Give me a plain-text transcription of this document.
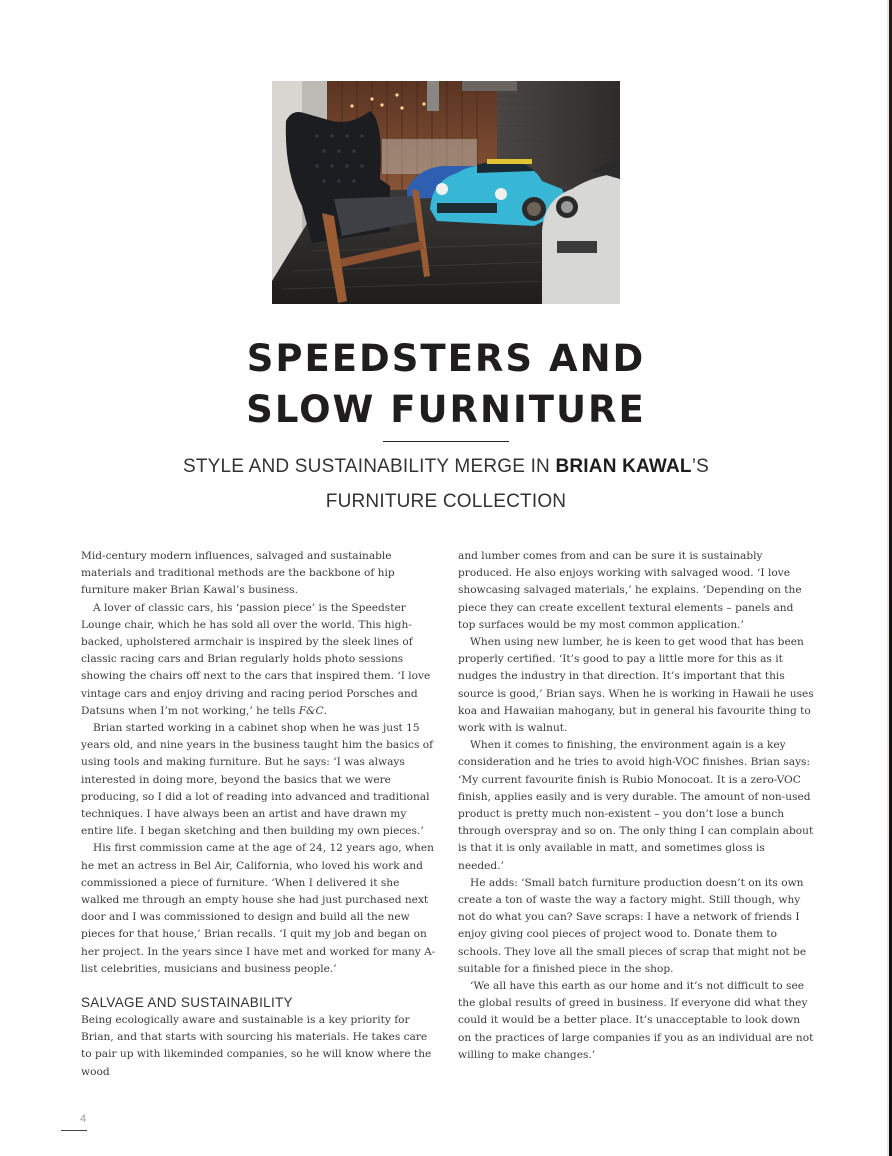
SPEEDSTERS AND
SLOW FURNITURE
STYLE AND SUSTAINABILITY MERGE IN BRIAN KAWAL’S
FURNITURE COLLECTION

Mid-century modern influences, salvaged and sustainable materials and traditional methods are the backbone of hip furniture maker Brian Kawal’s business.

A lover of classic cars, his ‘passion piece’ is the Speedster Lounge chair, which he has sold all over the world. This high-backed, upholstered armchair is inspired by the sleek lines of classic racing cars and Brian regularly holds photo sessions showing the chairs off next to the cars that inspired them. ‘I love vintage cars and enjoy driving and racing period Porsches and Datsuns when I’m not working,’ he tells F&C.

Brian started working in a cabinet shop when he was just 15 years old, and nine years in the business taught him the basics of using tools and making furniture. But he says: ‘I was always interested in doing more, beyond the basics that we were producing, so I did a lot of reading into advanced and traditional techniques. I have always been an artist and have drawn my entire life. I began sketching and then building my own pieces.’

His first commission came at the age of 24, 12 years ago, when he met an actress in Bel Air, California, who loved his work and commissioned a piece of furniture. ‘When I delivered it she walked me through an empty house she had just purchased next door and I was commissioned to design and build all the new pieces for that house,’ Brian recalls. ‘I quit my job and began on her project. In the years since I have met and worked for many A-list celebrities, musicians and business people.’

SALVAGE AND SUSTAINABILITY

Being ecologically aware and sustainable is a key priority for Brian, and that starts with sourcing his materials. He takes care to pair up with likeminded companies, so he will know where the wood

and lumber comes from and can be sure it is sustainably produced. He also enjoys working with salvaged wood. ‘I love showcasing salvaged materials,’ he explains. ‘Depending on the piece they can create excellent textural elements – panels and top surfaces would be my most common application.’

When using new lumber, he is keen to get wood that has been properly certified. ‘It’s good to pay a little more for this as it nudges the industry in that direction. It’s important that this source is good,’ Brian says. When he is working in Hawaii he uses koa and Hawaiian mahogany, but in general his favourite thing to work with is walnut.

When it comes to finishing, the environment again is a key consideration and he tries to avoid high-VOC finishes. Brian says: ‘My current favourite finish is Rubio Monocoat. It is a zero-VOC finish, applies easily and is very durable. The amount of non-used product is pretty much non-existent – you don’t lose a bunch through overspray and so on. The only thing I can complain about is that it is only available in matt, and sometimes gloss is needed.’

He adds: ‘Small batch furniture production doesn’t on its own create a ton of waste the way a factory might. Still though, why not do what you can? Save scraps: I have a network of friends I enjoy giving cool pieces of project wood to. Donate them to schools. They love all the small pieces of scrap that might not be suitable for a finished piece in the shop.

‘We all have this earth as our home and it’s not difficult to see the global results of greed in business. If everyone did what they could it would be a better place. It’s unacceptable to look down on the practices of large companies if you as an individual are not willing to make changes.’

4
